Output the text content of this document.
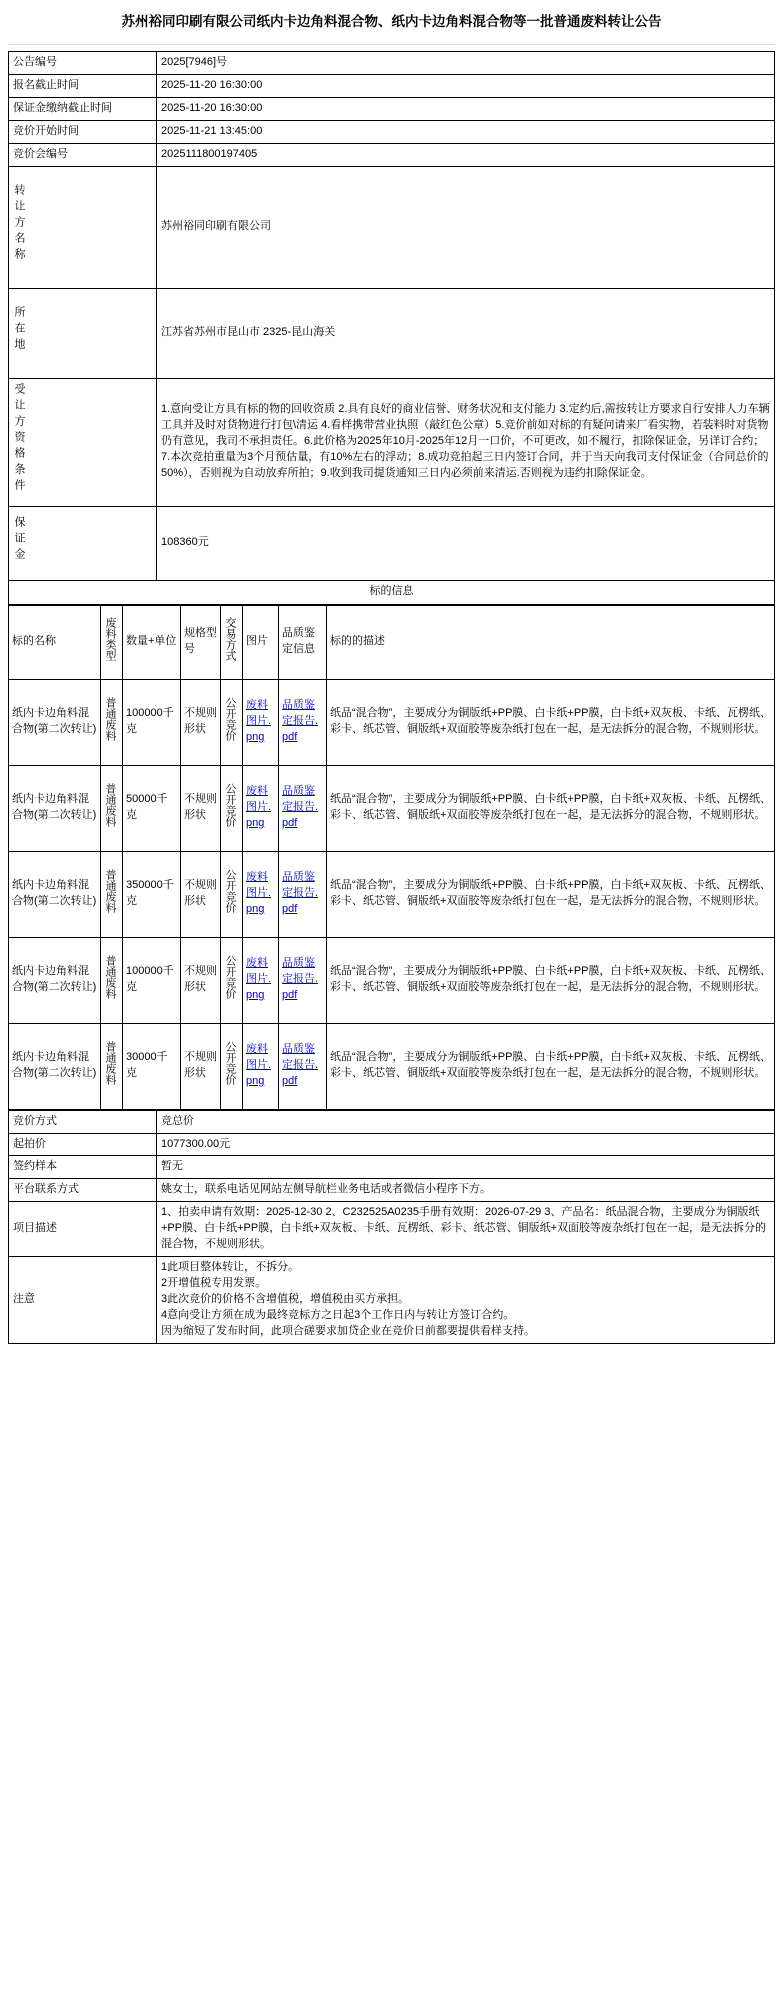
苏州裕同印刷有限公司纸内卡边角料混合物、纸内卡边角料混合物等一批普通废料转让公告
公告编号	2025[7946]号
报名截止时间	2025-11-20 16:30:00
保证金缴纳截止时间	2025-11-20 16:30:00
竞价开始时间	2025-11-21 13:45:00
竞价会编号	2025111800197405
转让方名称	苏州裕同印刷有限公司
所在地	江苏省苏州市昆山市 2325-昆山海关
受让方资格条件	1.意向受让方具有标的物的回收资质 2.具有良好的商业信誉、财务状况和支付能力 3.定约后,需按转让方要求自行安排人力车辆工具并及时对货物进行打包\清运 4.看样携带营业执照（敲红色公章）5.竞价前如对标的有疑问请来厂看实物，若装料时对货物仍有意见，我司不承担责任。6.此价格为2025年10月-2025年12月一口价，不可更改，如不履行，扣除保证金，另详订合约；7.本次竞拍重量为3个月预估量，有10%左右的浮动；8.成功竞拍起三日内签订合同，并于当天向我司支付保证金（合同总价的50%），否则视为自动放弃所拍；9.收到我司提货通知三日内必须前来清运.否则视为违约扣除保证金。
保证金	108360元
标的信息	
标的名称	废料类型	数量+单位	规格型号	交易方式	图片	品质鉴定信息	标的的描述
纸内卡边角料混合物(第二次转让)	普通废料	100000千克	不规则形状	公开竞价	废料图片.png	品质鉴定报告.pdf	纸品“混合物”，主要成分为铜版纸+PP膜、白卡纸+PP膜，白卡纸+双灰板、卡纸、瓦楞纸、彩卡、纸芯管、铜版纸+双面胶等废杂纸打包在一起，是无法拆分的混合物，不规则形状。
纸内卡边角料混合物(第二次转让)	普通废料	50000千克	不规则形状	公开竞价	废料图片.png	品质鉴定报告.pdf	纸品“混合物”，主要成分为铜版纸+PP膜、白卡纸+PP膜，白卡纸+双灰板、卡纸、瓦楞纸、彩卡、纸芯管、铜版纸+双面胶等废杂纸打包在一起，是无法拆分的混合物，不规则形状。
纸内卡边角料混合物(第二次转让)	普通废料	350000千克	不规则形状	公开竞价	废料图片.png	品质鉴定报告.pdf	纸品“混合物”，主要成分为铜版纸+PP膜、白卡纸+PP膜，白卡纸+双灰板、卡纸、瓦楞纸、彩卡、纸芯管、铜版纸+双面胶等废杂纸打包在一起，是无法拆分的混合物，不规则形状。
纸内卡边角料混合物(第二次转让)	普通废料	100000千克	不规则形状	公开竞价	废料图片.png	品质鉴定报告.pdf	纸品“混合物”，主要成分为铜版纸+PP膜、白卡纸+PP膜，白卡纸+双灰板、卡纸、瓦楞纸、彩卡、纸芯管、铜版纸+双面胶等废杂纸打包在一起，是无法拆分的混合物，不规则形状。
纸内卡边角料混合物(第二次转让)	普通废料	30000千克	不规则形状	公开竞价	废料图片.png	品质鉴定报告.pdf	纸品“混合物”，主要成分为铜版纸+PP膜、白卡纸+PP膜，白卡纸+双灰板、卡纸、瓦楞纸、彩卡、纸芯管、铜版纸+双面胶等废杂纸打包在一起，是无法拆分的混合物，不规则形状。
竞价方式	竞总价
起拍价	1077300.00元
签约样本	暂无
平台联系方式	姚女士，联系电话见网站左侧导航栏业务电话或者微信小程序下方。
项目描述	1、拍卖申请有效期：2025-12-30 2、C232525A0235手册有效期：2026-07-29 3、产品名：纸品混合物，主要成分为铜版纸+PP膜、白卡纸+PP膜，白卡纸+双灰板、卡纸、瓦楞纸、彩卡、纸芯管、铜版纸+双面胶等废杂纸打包在一起，是无法拆分的混合物，不规则形状。
注意	1此项目整体转让，不拆分。
2开增值税专用发票。
3此次竞价的价格不含增值税，增值税由买方承担。
4意向受让方须在成为最终竞标方之日起3个工作日内与转让方签订合约。
因为缩短了发布时间，此项合磋要求加贷企业在竞价日前都要提供看样支持。
